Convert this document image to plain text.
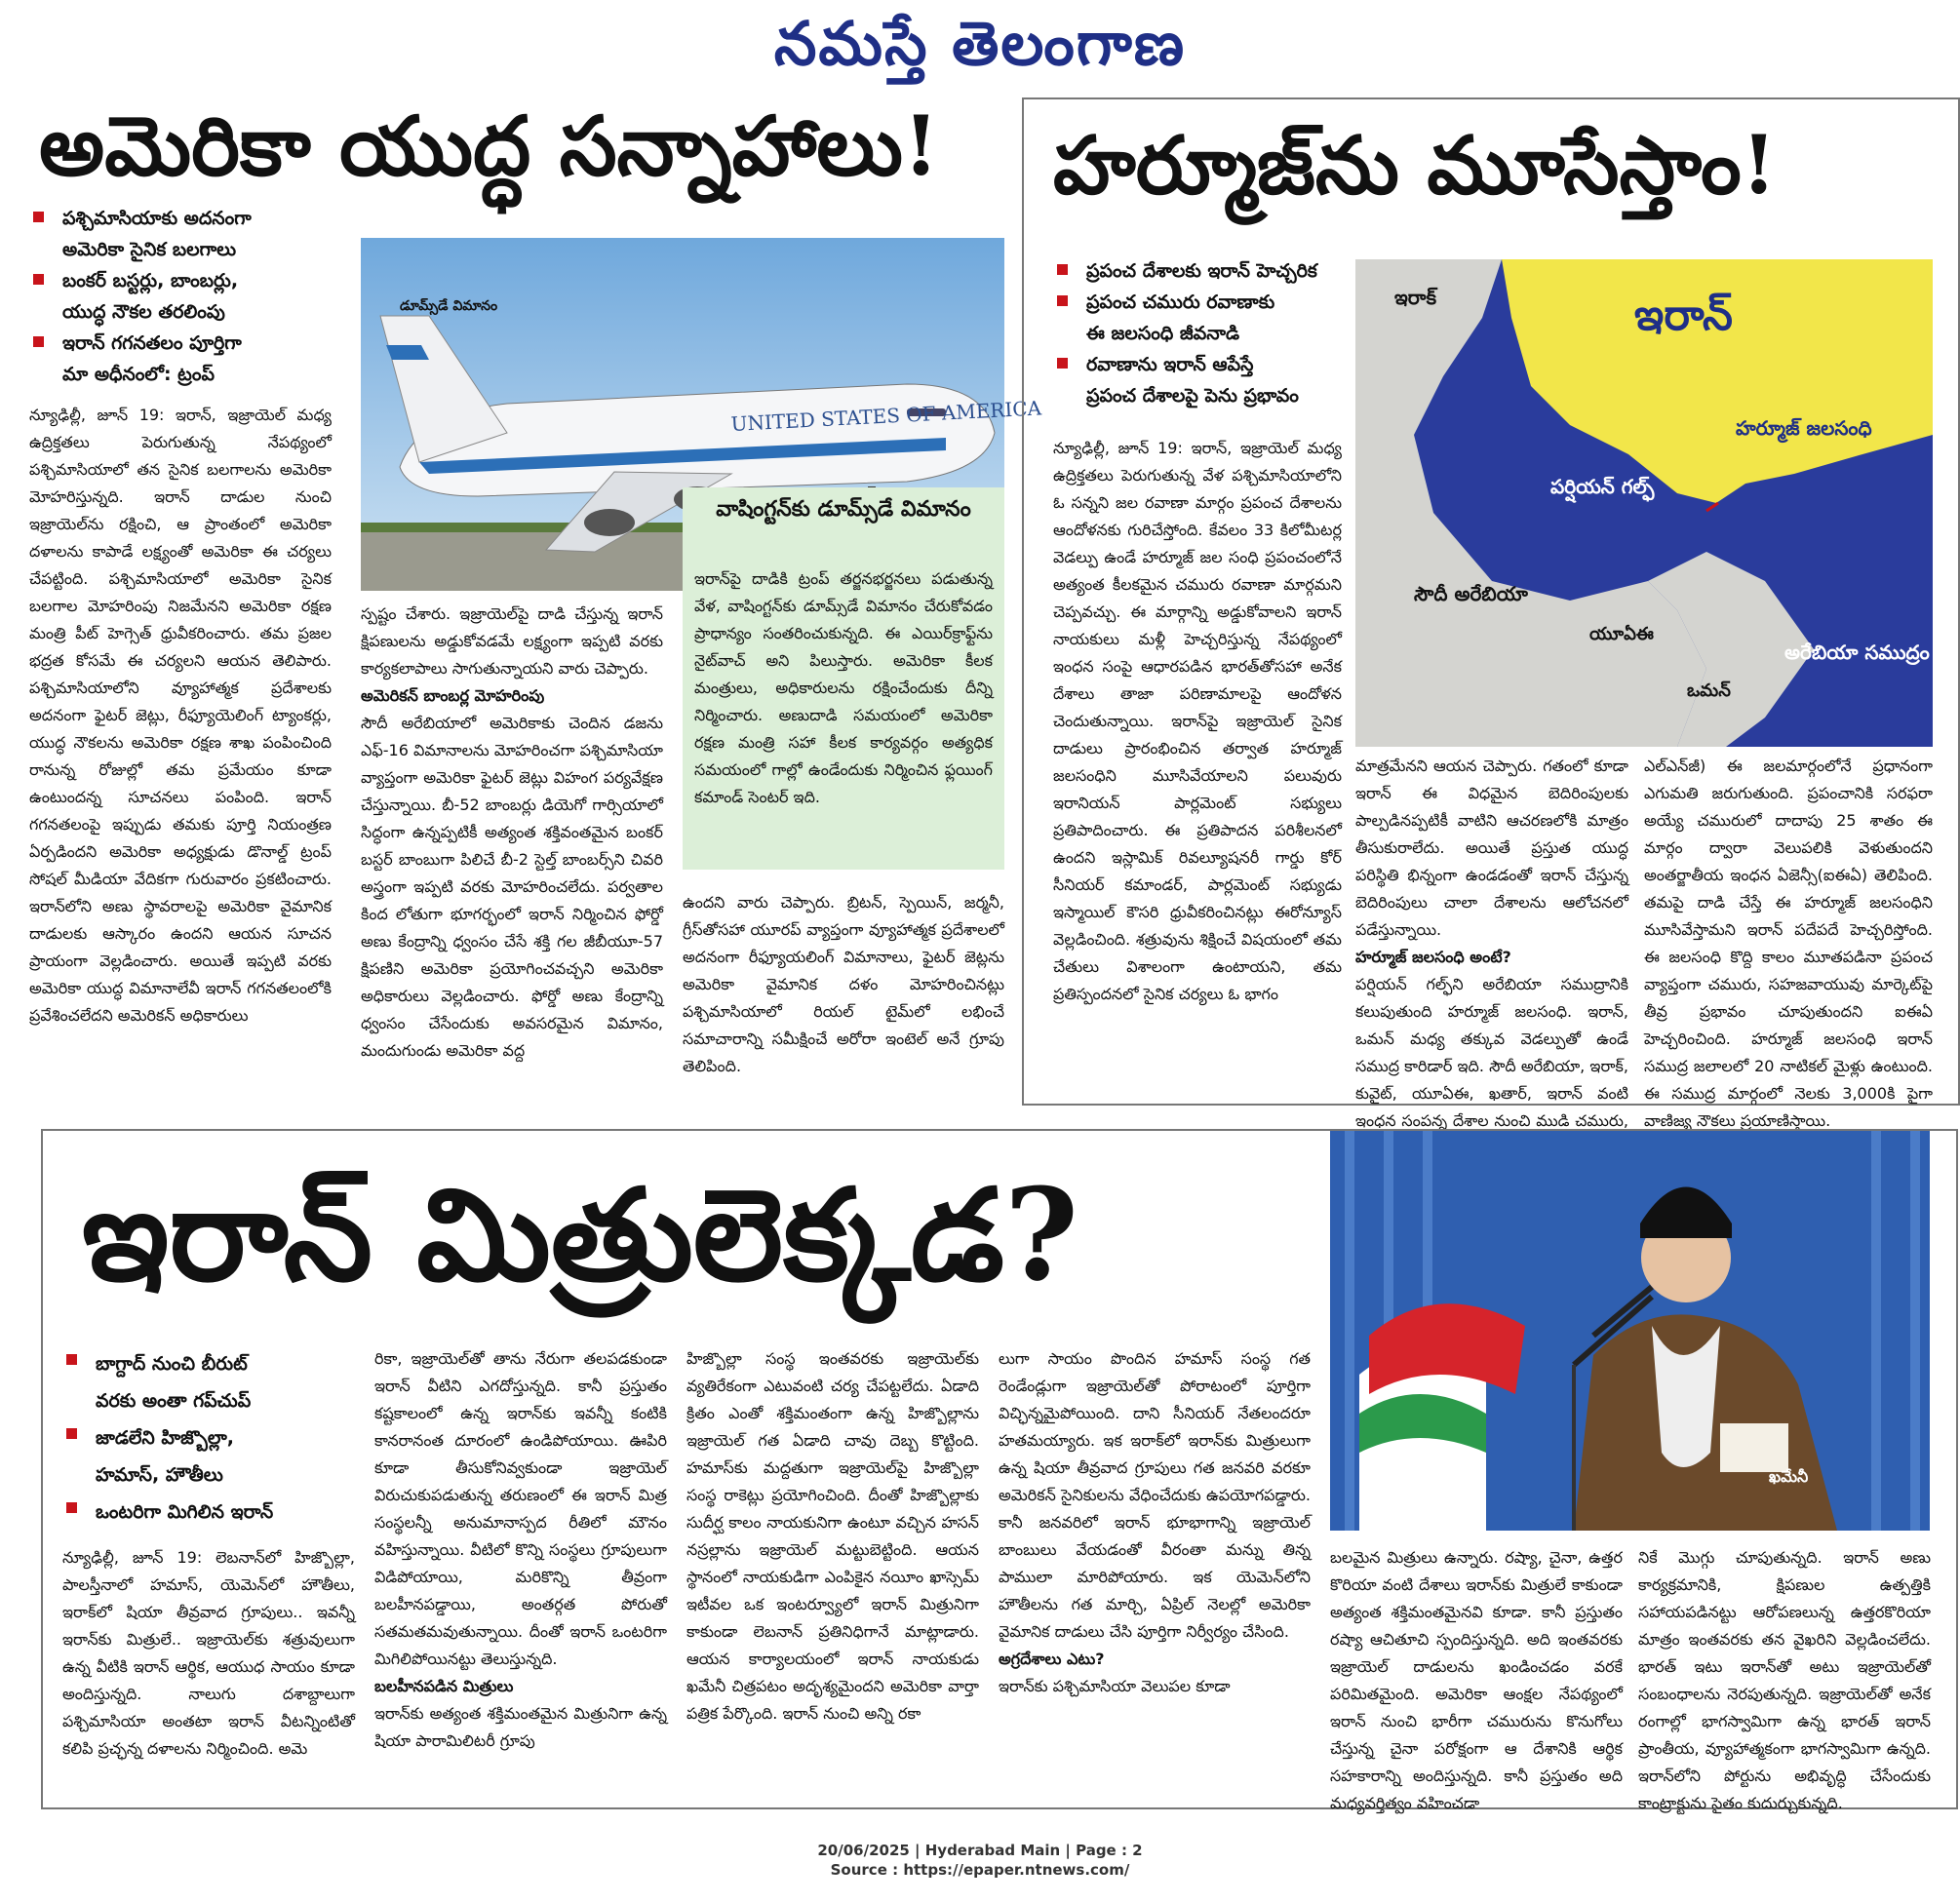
నమస్తే తెలంగాణ
అమెరికా యుద్ధ సన్నాహాలు!
పశ్చిమాసియాకు అదనంగా
అమెరికా సైనిక బలగాలు
బంకర్ బస్టర్లు, బాంబర్లు,
యుద్ధ నౌకల తరలింపు
ఇరాన్ గగనతలం పూర్తిగా
మా అధీనంలో: ట్రంప్
న్యూఢిల్లీ, జూన్ 19: ఇరాన్, ఇజ్రాయెల్ మధ్య ఉద్రిక్తతలు పెరుగుతున్న నేపథ్యంలో పశ్చిమాసియాలో తన సైనిక బలగాలను అమెరికా మోహరిస్తున్నది. ఇరాన్ దాడుల నుంచి ఇజ్రాయెల్‌ను రక్షించి, ఆ ప్రాంతంలో అమెరికా దళాలను కాపాడే లక్ష్యంతో అమెరికా ఈ చర్యలు చేపట్టింది. పశ్చిమాసియాలో అమెరికా సైనిక బలగాల మోహరింపు నిజమేనని అమెరికా రక్షణ మంత్రి పీట్ హెగ్సెత్ ధ్రువీకరించారు. తమ ప్రజల భద్రత కోసమే ఈ చర్యలని ఆయన తెలిపారు. పశ్చిమాసియాలోని వ్యూహాత్మక ప్రదేశాలకు అదనంగా ఫైటర్ జెట్లు, రీఫ్యూయెలింగ్ ట్యాంకర్లు, యుద్ధ నౌకలను అమెరికా రక్షణ శాఖ పంపించింది రానున్న రోజుల్లో తమ ప్రమేయం కూడా ఉంటుందన్న సూచనలు పంపింది. ఇరాన్ గగనతలంపై ఇప్పుడు తమకు పూర్తి నియంత్రణ ఏర్పడిందని అమెరికా అధ్యక్షుడు డొనాల్డ్ ట్రంప్ సోషల్ మీడియా వేదికగా గురువారం ప్రకటించారు. ఇరాన్‌లోని అణు స్థావరాలపై అమెరికా వైమానిక దాడులకు ఆస్కారం ఉందని ఆయన సూచన ప్రాయంగా వెల్లడించారు. అయితే ఇప్పటి వరకు అమెరికా యుద్ధ విమానాలేవీ ఇరాన్ గగనతలంలోకి ప్రవేశించలేదని అమెరికన్ అధికారులు
UNITED STATES OF AMERICA
డూమ్స్‌డే విమానం
స్పష్టం చేశారు. ఇజ్రాయెల్‌పై దాడి చేస్తున్న ఇరాన్ క్షిపణులను అడ్డుకోవడమే లక్ష్యంగా ఇప్పటి వరకు కార్యకలాపాలు సాగుతున్నాయని వారు చెప్పారు.
అమెరికన్ బాంబర్ల మోహరింపు
సౌదీ అరేబియాలో అమెరికాకు చెందిన డజను ఎఫ్-16 విమానాలను మోహరించగా పశ్చిమాసియా వ్యాప్తంగా అమెరికా ఫైటర్ జెట్లు విహంగ పర్యవేక్షణ చేస్తున్నాయి. బీ-52 బాంబర్లు డియెగో గార్సియాలో సిద్ధంగా ఉన్నప్పటికీ అత్యంత శక్తివంతమైన బంకర్ బస్టర్ బాంబుగా పిలిచే బీ-2 స్టెల్త్ బాంబర్స్‌ని చివరి అస్త్రంగా ఇప్పటి వరకు మోహరించలేదు. పర్వతాల కింద లోతుగా భూగర్భంలో ఇరాన్ నిర్మించిన ఫోర్డో అణు కేంద్రాన్ని ధ్వంసం చేసే శక్తి గల జీబీయూ-57 క్షిపణిని అమెరికా ప్రయోగించవచ్చని అమెరికా అధికారులు వెల్లడించారు. ఫోర్డో అణు కేంద్రాన్ని ధ్వంసం చేసేందుకు అవసరమైన విమానం, మందుగుండు అమెరికా వద్ద
వాషింగ్టన్‌కు డూమ్స్‌డే విమానం
ఇరాన్‌పై దాడికి ట్రంప్ తర్జనభర్జనలు పడుతున్న వేళ, వాషింగ్టన్‌కు డూమ్స్‌డే విమానం చేరుకోవడం ప్రాధాన్యం సంతరించుకున్నది. ఈ ఎయిర్‌క్రాఫ్ట్‌ను నైట్‌వాచ్ అని పిలుస్తారు. అమెరికా కీలక మంత్రులు, అధికారులను రక్షించేందుకు దీన్ని నిర్మించారు. అణుదాడి సమయంలో అమెరికా రక్షణ మంత్రి సహా కీలక కార్యవర్గం అత్యధిక సమయంలో గాల్లో ఉండేందుకు నిర్మించిన ఫ్లయింగ్ కమాండ్ సెంటర్ ఇది.
ఉందని వారు చెప్పారు. బ్రిటన్, స్పెయిన్, జర్మనీ, గ్రీస్‌తోసహా యూరప్ వ్యాప్తంగా వ్యూహాత్మక ప్రదేశాలలో అదనంగా రీఫ్యూయలింగ్ విమానాలు, ఫైటర్ జెట్లను అమెరికా వైమానిక దళం మోహరించినట్లు పశ్చిమాసియాలో రియల్ టైమ్‌లో లభించే సమాచారాన్ని సమీక్షించే అరోరా ఇంటెల్ అనే గ్రూపు తెలిపింది.
హర్మూజ్‌ను మూసేస్తాం!
ప్రపంచ దేశాలకు ఇరాన్ హెచ్చరిక
ప్రపంచ చమురు రవాణాకు
ఈ జలసంధి జీవనాడి
రవాణాను ఇరాన్ ఆపేస్తే
ప్రపంచ దేశాలపై పెను ప్రభావం
ఇరాన్
ఇరాక్
హర్మూజ్ జలసంధి
పర్షియన్ గల్ఫ్
సౌదీ అరేబియా
యూఏఈ
ఒమన్
అరేబియా సముద్రం
న్యూఢిల్లీ, జూన్ 19: ఇరాన్, ఇజ్రాయెల్ మధ్య ఉద్రిక్తతలు పెరుగుతున్న వేళ పశ్చిమాసియాలోని ఓ సన్నని జల రవాణా మార్గం ప్రపంచ దేశాలను ఆందోళనకు గురిచేస్తోంది. కేవలం 33 కిలోమీటర్ల వెడల్పు ఉండే హర్మూజ్ జల సంధి ప్రపంచంలోనే అత్యంత కీలకమైన చమురు రవాణా మార్గమని చెప్పవచ్చు. ఈ మార్గాన్ని అడ్డుకోవాలని ఇరాన్ నాయకులు మళ్లీ హెచ్చరిస్తున్న నేపథ్యంలో ఇంధన సంపై ఆధారపడిన భారత్‌తోసహా అనేక దేశాలు తాజా పరిణామాలపై ఆందోళన చెందుతున్నాయి. ఇరాన్‌పై ఇజ్రాయెల్ సైనిక దాడులు ప్రారంభించిన తర్వాత హర్మూజ్ జలసంధిని మూసివేయాలని పలువురు ఇరానియన్ పార్లమెంట్ సభ్యులు ప్రతిపాదించారు. ఈ ప్రతిపాదన పరిశీలనలో ఉందని ఇస్లామిక్ రివల్యూషనరీ గార్డు కోర్ సీనియర్ కమాండర్, పార్లమెంట్ సభ్యుడు ఇస్మాయిల్ కౌసరి ధ్రువీకరించినట్లు ఈరోన్యూస్ వెల్లడించింది. శత్రువును శిక్షించే విషయంలో తమ చేతులు విశాలంగా ఉంటాయని, తమ ప్రతిస్పందనలో సైనిక చర్యలు ఓ భాగం
మాత్రమేనని ఆయన చెప్పారు. గతంలో కూడా ఇరాన్ ఈ విధమైన బెదిరింపులకు పాల్పడినప్పటికీ వాటిని ఆచరణలోకి మాత్రం తీసుకురాలేదు. అయితే ప్రస్తుత యుద్ధ పరిస్థితి భిన్నంగా ఉండడంతో ఇరాన్ చేస్తున్న బెదిరింపులు చాలా దేశాలను ఆలోచనలో పడేస్తున్నాయి.
హర్మూజ్ జలసంధి అంటే?
పర్షియన్ గల్ఫ్‌ని అరేబియా సముద్రానికి కలుపుతుంది హర్మూజ్ జలసంధి. ఇరాన్, ఒమన్ మధ్య తక్కువ వెడల్పుతో ఉండే సముద్ర కారిడార్ ఇది. సౌదీ అరేబియా, ఇరాక్, కువైట్, యూఏఈ, ఖతార్, ఇరాన్ వంటి ఇంధన సంపన్న దేశాల నుంచి ముడి చమురు,
ఎల్‌ఎన్‌జీ) ఈ జలమార్గంలోనే ప్రధానంగా ఎగుమతి జరుగుతుంది. ప్రపంచానికి సరఫరా అయ్యే చమురులో దాదాపు 25 శాతం ఈ మార్గం ద్వారా వెలుపలికి వెళుతుందని అంతర్జాతీయ ఇంధన ఏజెన్సీ(ఐఈఏ) తెలిపింది. తమపై దాడి చేస్తే ఈ హర్మూజ్ జలసంధిని మూసివేస్తామని ఇరాన్ పదేపదే హెచ్చరిస్తోంది. ఈ జలసంధి కొద్ది కాలం మూతపడినా ప్రపంచ వ్యాప్తంగా చమురు, సహజవాయువు మార్కెట్‌పై తీవ్ర ప్రభావం చూపుతుందని ఐఈఏ హెచ్చరించింది. హర్మూజ్ జలసంధి ఇరాన్ సముద్ర జలాలలో 20 నాటికల్ మైళ్లు ఉంటుంది. ఈ సముద్ర మార్గంలో నెలకు 3,000కి పైగా వాణిజ్య నౌకలు ప్రయాణిస్తాయి.
ఇరాన్ మిత్రులెక్కడ?
ఖమేనీ
బాగ్దాద్ నుంచి బీరుట్
వరకు అంతా గప్‌చుప్
జాడలేని హిజ్బొల్లా,
హమాస్, హౌతీలు
ఒంటరిగా మిగిలిన ఇరాన్
న్యూఢిల్లీ, జూన్ 19: లెబనాన్‌లో హిజ్బొల్లా, పాలస్తీనాలో హమాస్, యెమెన్‌లో హౌతీలు, ఇరాక్‌లో షియా తీవ్రవాద గ్రూపులు.. ఇవన్నీ ఇరాన్‌కు మిత్రులే.. ఇజ్రాయెల్‌కు శత్రువులుగా ఉన్న వీటికి ఇరాన్ ఆర్థిక, ఆయుధ సాయం కూడా అందిస్తున్నది. నాలుగు దశాబ్దాలుగా పశ్చిమాసియా అంతటా ఇరాన్ వీటన్నింటితో కలిపి ప్రచ్ఛన్న దళాలను నిర్మించింది. అమె
రికా, ఇజ్రాయెల్‌తో తాను నేరుగా తలపడకుండా ఇరాన్ వీటిని ఎగదోస్తున్నది. కానీ ప్రస్తుతం కష్టకాలంలో ఉన్న ఇరాన్‌కు ఇవన్నీ కంటికి కానరానంత దూరంలో ఉండిపోయాయి. ఊపిరి కూడా తీసుకోనివ్వకుండా ఇజ్రాయెల్ విరుచుకుపడుతున్న తరుణంలో ఈ ఇరాన్ మిత్ర సంస్థలన్నీ అనుమానాస్పద రీతిలో మౌనం వహిస్తున్నాయి. వీటిలో కొన్ని సంస్థలు గ్రూపులుగా విడిపోయాయి, మరికొన్ని తీవ్రంగా బలహీనపడ్డాయి, అంతర్గత పోరుతో సతమతమవుతున్నాయి. దీంతో ఇరాన్ ఒంటరిగా మిగిలిపోయినట్టు తెలుస్తున్నది.
బలహీనపడిన మిత్రులు
ఇరాన్‌కు అత్యంత శక్తిమంతమైన మిత్రునిగా ఉన్న షియా పారామిలిటరీ గ్రూపు
హిజ్బొల్లా సంస్థ ఇంతవరకు ఇజ్రాయెల్‌కు వ్యతిరేకంగా ఎటువంటి చర్య చేపట్టలేదు. ఏడాది క్రితం ఎంతో శక్తిమంతంగా ఉన్న హిజ్బొల్లాను ఇజ్రాయెల్ గత ఏడాది చావు దెబ్బ కొట్టింది. హమాస్‌కు మద్దతుగా ఇజ్రాయెల్‌పై హిజ్బొల్లా సంస్థ రాకెట్లు ప్రయోగించింది. దీంతో హిజ్బొల్లాకు సుదీర్ఘ కాలం నాయకునిగా ఉంటూ వచ్చిన హసన్ నస్రల్లాను ఇజ్రాయెల్ మట్టుబెట్టింది. ఆయన స్థానంలో నాయకుడిగా ఎంపికైన నయీం ఖాస్సెమ్ ఇటీవల ఒక ఇంటర్వ్యూలో ఇరాన్ మిత్రునిగా కాకుండా లెబనాన్ ప్రతినిధిగానే మాట్లాడారు. ఆయన కార్యాలయంలో ఇరాన్ నాయకుడు ఖమేనీ చిత్రపటం అదృశ్యమైందని అమెరికా వార్తా పత్రిక పేర్కొంది. ఇరాన్ నుంచి అన్ని రకా
లుగా సాయం పొందిన హమాస్ సంస్థ గత రెండేండ్లుగా ఇజ్రాయెల్‌తో పోరాటంలో పూర్తిగా విచ్ఛిన్నమైపోయింది. దాని సీనియర్ నేతలందరూ హతమయ్యారు. ఇక ఇరాక్‌లో ఇరాన్‌కు మిత్రులుగా ఉన్న షియా తీవ్రవాద గ్రూపులు గత జనవరి వరకూ అమెరికన్ సైనికులను వేధించేదుకు ఉపయోగపడ్డారు. కానీ జనవరిలో ఇరాన్ భూభాగాన్ని ఇజ్రాయెల్ బాంబులు వేయడంతో వీరంతా మన్ను తిన్న పాములా మారిపోయారు. ఇక యెమెన్‌లోని హౌతీలను గత మార్చి, ఏప్రిల్ నెలల్లో అమెరికా వైమానిక దాడులు చేసి పూర్తిగా నిర్వీర్యం చేసింది.
అగ్రదేశాలు ఎటు?
ఇరాన్‌కు పశ్చిమాసియా వెలుపల కూడా
బలమైన మిత్రులు ఉన్నారు. రష్యా, చైనా, ఉత్తర కొరియా వంటి దేశాలు ఇరాన్‌కు మిత్రులే కాకుండా అత్యంత శక్తిమంతమైనవి కూడా. కానీ ప్రస్తుతం రష్యా ఆచితూచి స్పందిస్తున్నది. అది ఇంతవరకు ఇజ్రాయెల్ దాడులను ఖండించడం వరకే పరిమితమైంది. అమెరికా ఆంక్షల నేపథ్యంలో ఇరాన్ నుంచి భారీగా చమురును కొనుగోలు చేస్తున్న చైనా పరోక్షంగా ఆ దేశానికి ఆర్థిక సహకారాన్ని అందిస్తున్నది. కానీ ప్రస్తుతం అది మధ్యవర్తిత్వం వహించడా
నికే మొగ్గు చూపుతున్నది. ఇరాన్ అణు కార్యక్రమానికి, క్షిపణుల ఉత్పత్తికి సహాయపడినట్టు ఆరోపణలున్న ఉత్తరకొరియా మాత్రం ఇంతవరకు తన వైఖరిని వెల్లడించలేదు. భారత్ ఇటు ఇరాన్‌తో అటు ఇజ్రాయెల్‌తో సంబంధాలను నెరపుతున్నది. ఇజ్రాయెల్‌తో అనేక రంగాల్లో భాగస్వామిగా ఉన్న భారత్ ఇరాన్ ప్రాంతీయ, వ్యూహాత్మకంగా భాగస్వామిగా ఉన్నది. ఇరాన్‌లోని పోర్టును అభివృద్ధి చేసేందుకు కాంట్రాక్టును సైతం కుదుర్చుకున్నది.
20/06/2025 | Hyderabad Main | Page : 2
Source : https://epaper.ntnews.com/
